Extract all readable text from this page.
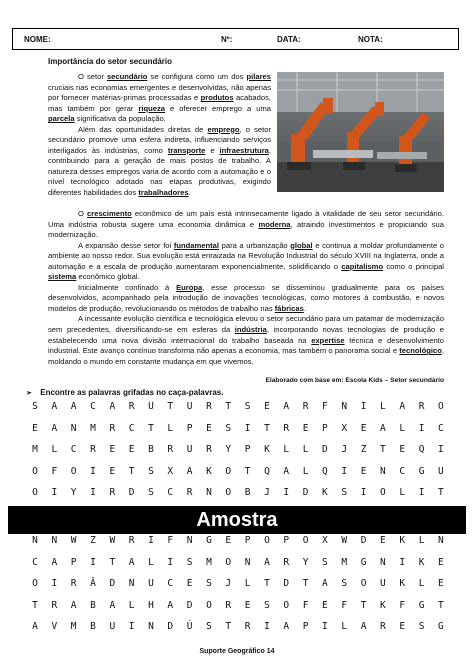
NOME:	Nº:	DATA:	NOTA:
Importância do setor secundário

O setor secundário se configura como um dos pilares cruciais nas economias emergentes e desenvolvidas, não apenas por fornecer matérias-primas processadas e produtos acabados, mas também por gerar riqueza e oferecer emprego a uma parcela significativa da população.

Além das oportunidades diretas de emprego, o setor secundário promove uma esfera indireta, influenciando serviços interligados às indústrias, como transporte e infraestrutura, contribuindo para a geração de mais postos de trabalho. A natureza desses empregos varia de acordo com a automação e o nível tecnológico adotado nas etapas produtivas, exigindo diferentes habilidades dos trabalhadores.

O crescimento econômico de um país está intrinsecamente ligado à vitalidade de seu setor secundário. Uma indústria robusta sugere uma economia dinâmica e moderna, atraindo investimentos e propiciando sua modernização.

A expansão desse setor foi fundamental para a urbanização global e continua a moldar profundamente o ambiente ao nosso redor. Sua evolução está enraizada na Revolução Industrial do século XVIII na Inglaterra, onde a automação e a escala de produção aumentaram exponencialmente, solidificando o capitalismo como o principal sistema econômico global.

Inicialmente confinado à Europa, esse processo se disseminou gradualmente para os países desenvolvidos, acompanhado pela introdução de inovações tecnológicas, como motores à combustão, e novos modelos de produção, revolucionando os métodos de trabalho nas fábricas.

A incessante evolução científica e tecnológica elevou o setor secundário para um patamar de modernização sem precedentes, diversificando-se em esferas da indústria, incorporando novas tecnologias de produção e estabelecendo uma nova divisão internacional do trabalho baseada na expertise técnica e desenvolvimento industrial. Este avanço contínuo transforma não apenas a economia, mas também o panorama social e tecnológico, moldando o mundo em constante mudança em que vivemos.

Elaborado com base em: Escola Kids – Setor secundário
➢ Encontre as palavras grifadas no caça-palavras.
S	A	A	C	A	R	U	T	U	R	T	S	E	A	R	F	N	I	L	A	R	O
E	A	N	M	R	C	T	L	P	E	S	I	T	R	E	P	X	E	A	L	I	C
M	L	C	R	E	E	B	R	U	R	Y	P	K	L	L	D	J	Z	T	E	Q	I
O	F	O	I	E	T	S	X	A	K	O	T	Q	A	L	Q	I	E	N	C	G	U
O	I	Y	I	R	D	S	C	R	N	O	B	J	I	D	K	S	I	O	L	I	T
Amostra
N	N	W	Z	W	R	I	F	N	G	E	P	O	P	O	X	W	D	E	K	L	N
C	A	P	I	T	A	L	I	S	M	O	N	A	R	Y	S	M	G	N	I	K	E
O	I	R	Â	D	N	U	C	E	S	J	L	T	D	T	A	S	O	U	K	L	E
T	R	A	B	A	L	H	A	D	O	R	E	S	O	F	E	F	T	K	F	G	T
A	V	M	B	U	I	N	D	Ú	S	T	R	I	A	P	I	L	A	R	E	S	G
Suporte Geográfico 14
